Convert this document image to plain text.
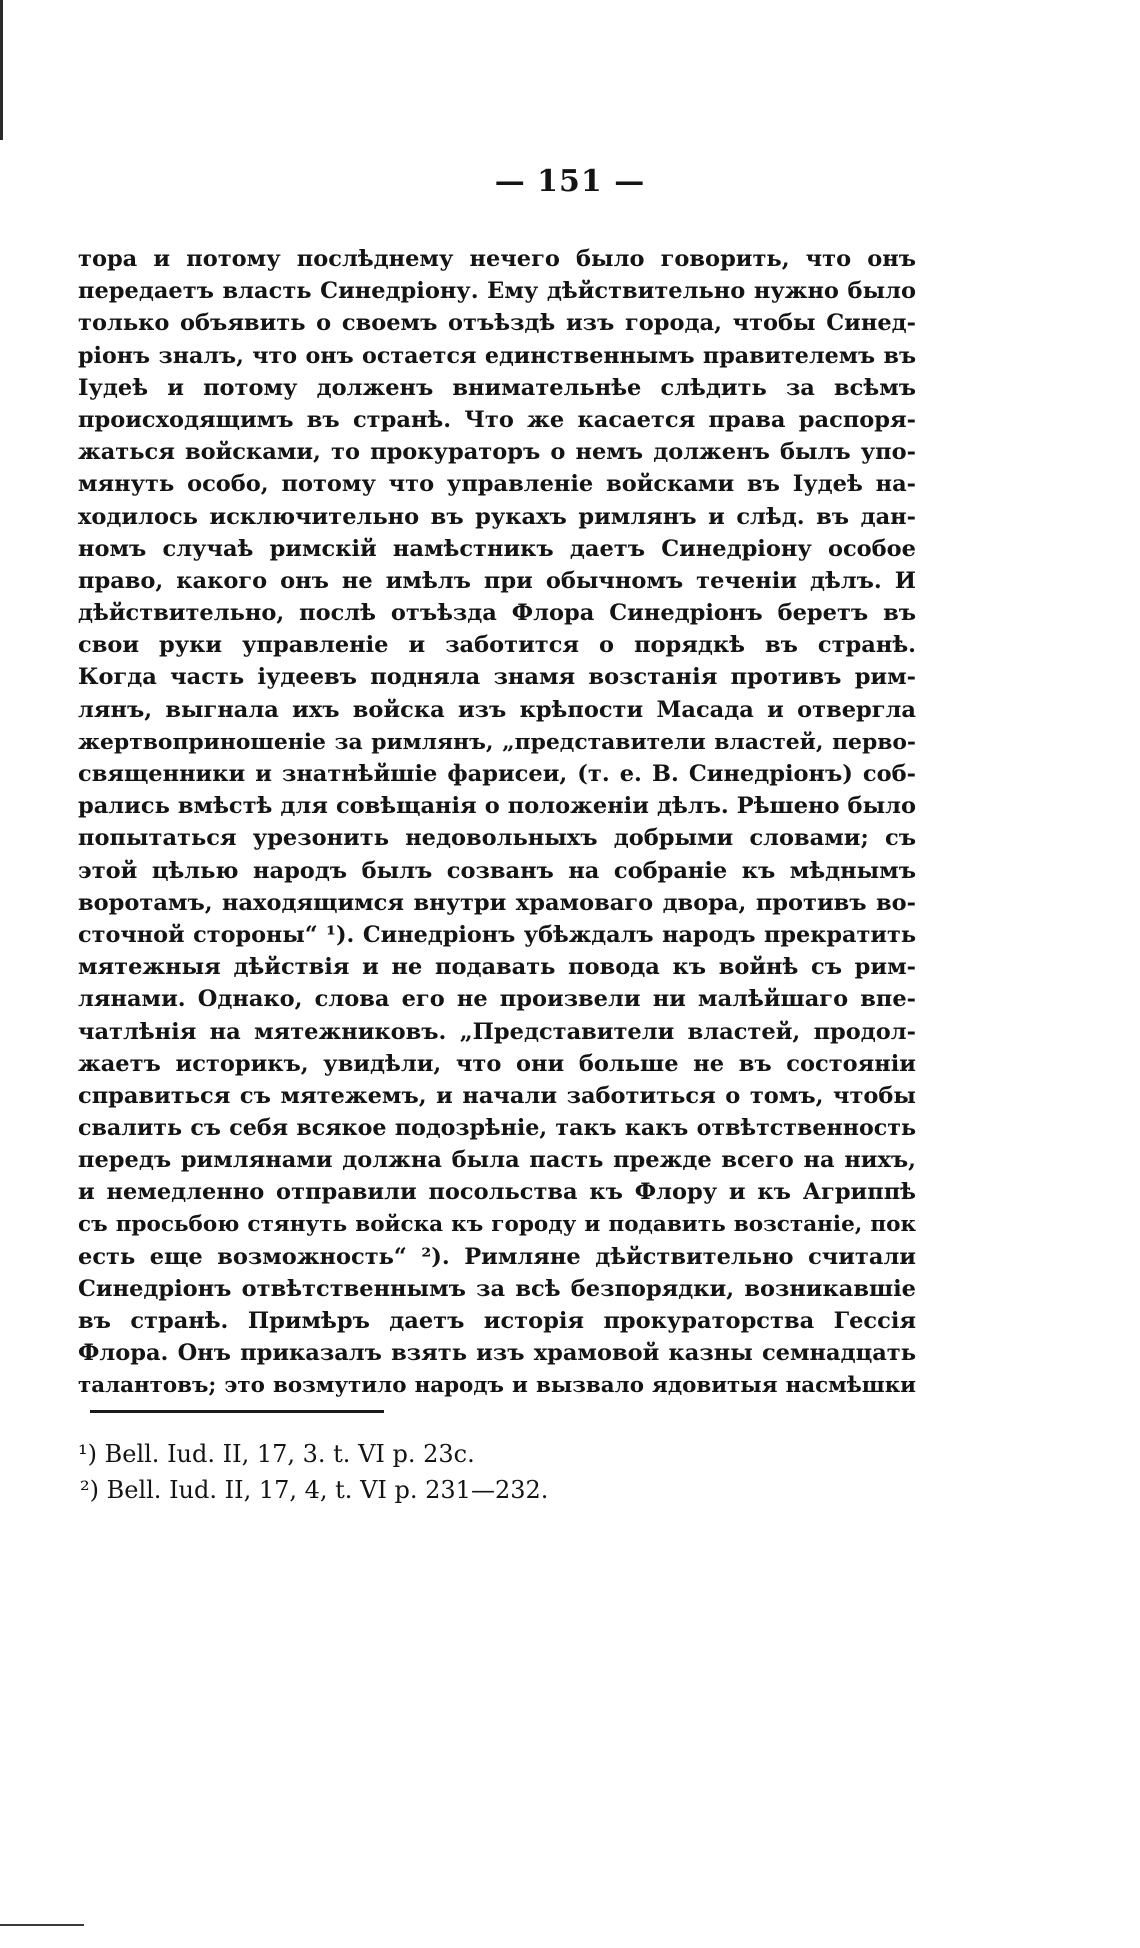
— 151 —
тора и потому послѣднему нечего было говорить, что онъ
передаетъ власть Синедріону. Ему дѣйствительно нужно было
только объявить о своемъ отъѣздѣ изъ города, чтобы Синед-
ріонъ зналъ, что онъ остается единственнымъ правителемъ въ
Іудеѣ и потому долженъ внимательнѣе слѣдить за всѣмъ
происходящимъ въ странѣ. Что же касается права распоря-
жаться войсками, то прокураторъ о немъ долженъ былъ упо-
мянуть особо, потому что управленіе войсками въ Іудеѣ на-
ходилось исключительно въ рукахъ римлянъ и слѣд. въ дан-
номъ случаѣ римскій намѣстникъ даетъ Синедріону особое
право, какого онъ не имѣлъ при обычномъ теченіи дѣлъ. И
дѣйствительно, послѣ отъѣзда Флора Синедріонъ беретъ въ
свои руки управленіе и заботится о порядкѣ въ странѣ.
Когда часть іудеевъ подняла знамя возстанія противъ рим-
лянъ, выгнала ихъ войска изъ крѣпости Масада и отвергла
жертвоприношеніе за римлянъ, „представители властей, перво-
священники и знатнѣйшіе фарисеи, (т. е. В. Синедріонъ) соб-
рались вмѣстѣ для совѣщанія о положеніи дѣлъ. Рѣшено было
попытаться урезонить недовольныхъ добрыми словами; съ
этой цѣлью народъ былъ созванъ на собраніе къ мѣднымъ
воротамъ, находящимся внутри храмоваго двора, противъ во-
сточной стороны“ ¹). Синедріонъ убѣждалъ народъ прекратить
мятежныя дѣйствія и не подавать повода къ войнѣ съ рим-
лянами. Однако, слова его не произвели ни малѣйшаго впе-
чатлѣнія на мятежниковъ. „Представители властей, продол-
жаетъ историкъ, увидѣли, что они больше не въ состояніи
справиться съ мятежемъ, и начали заботиться о томъ, чтобы
свалить съ себя всякое подозрѣніе, такъ какъ отвѣтственность
передъ римлянами должна была пасть прежде всего на нихъ,
и немедленно отправили посольства къ Флору и къ Агриппѣ
съ просьбою стянуть войска къ городу и подавить возстаніе, пок
есть еще возможность“ ²). Римляне дѣйствительно считали
Синедріонъ отвѣтственнымъ за всѣ безпорядки, возникавшіе
въ странѣ. Примѣръ даетъ исторія прокураторства Гессія
Флора. Онъ приказалъ взять изъ храмовой казны семнадцать
талантовъ; это возмутило народъ и вызвало ядовитыя насмѣшки
¹) Bell. Iud. II, 17, 3. t. VI p. 23c.
²) Bell. Iud. II, 17, 4, t. VI p. 231—232.
